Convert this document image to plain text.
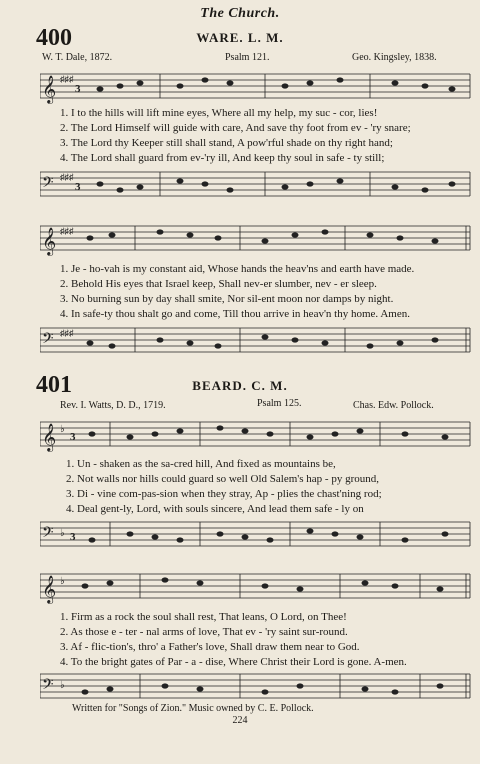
The Church.
400	WARE. L. M.
W. T. Dale, 1872.	Psalm 121.	Geo. Kingsley, 1838.
𝄞 ♯♯♯
3
1. I to the hills will lift mine eyes, Where all my help, my suc - cor, lies!
2. The Lord Himself will guide with care, And save thy foot from ev - 'ry snare;
3. The Lord thy Keeper still shall stand, A pow'rful shade on thy right hand;
4. The Lord shall guard from ev-'ry ill, And keep thy soul in safe - ty still;
𝄢 ♯♯♯
3
𝄞 ♯♯♯
1. Je - ho-vah is my constant aid, Whose hands the heav'ns and earth have made.
2. Behold His eyes that Israel keep, Shall nev-er slumber, nev - er sleep.
3. No burning sun by day shall smite, Nor sil-ent moon nor damps by night.
4. In safe-ty thou shalt go and come, Till thou arrive in heav'n thy home. Amen.
𝄢 ♯♯♯
401	BEARD. C. M.
Rev. I. Watts, D. D., 1719.	Psalm 125.	Chas. Edw. Pollock.
𝄞 ♭
3
1. Un - shaken as the sa-cred hill, And fixed as mountains be,
2. Not walls nor hills could guard so well Old Salem's hap - py ground,
3. Di - vine com-pas-sion when they stray, Ap - plies the chast'ning rod;
4. Deal gent-ly, Lord, with souls sincere, And lead them safe - ly on
𝄢 ♭ 3
𝄞 ♭
1. Firm as a rock the soul shall rest, That leans, O Lord, on Thee!
2. As those e - ter - nal arms of love, That ev - 'ry saint sur-round.
3. Af - flic-tion's, thro' a Father's love, Shall draw them near to God.
4. To the bright gates of Par - a - dise, Where Christ their Lord is gone. A-men.
𝄢 ♭
Written for "Songs of Zion." Music owned by C. E. Pollock.
224
